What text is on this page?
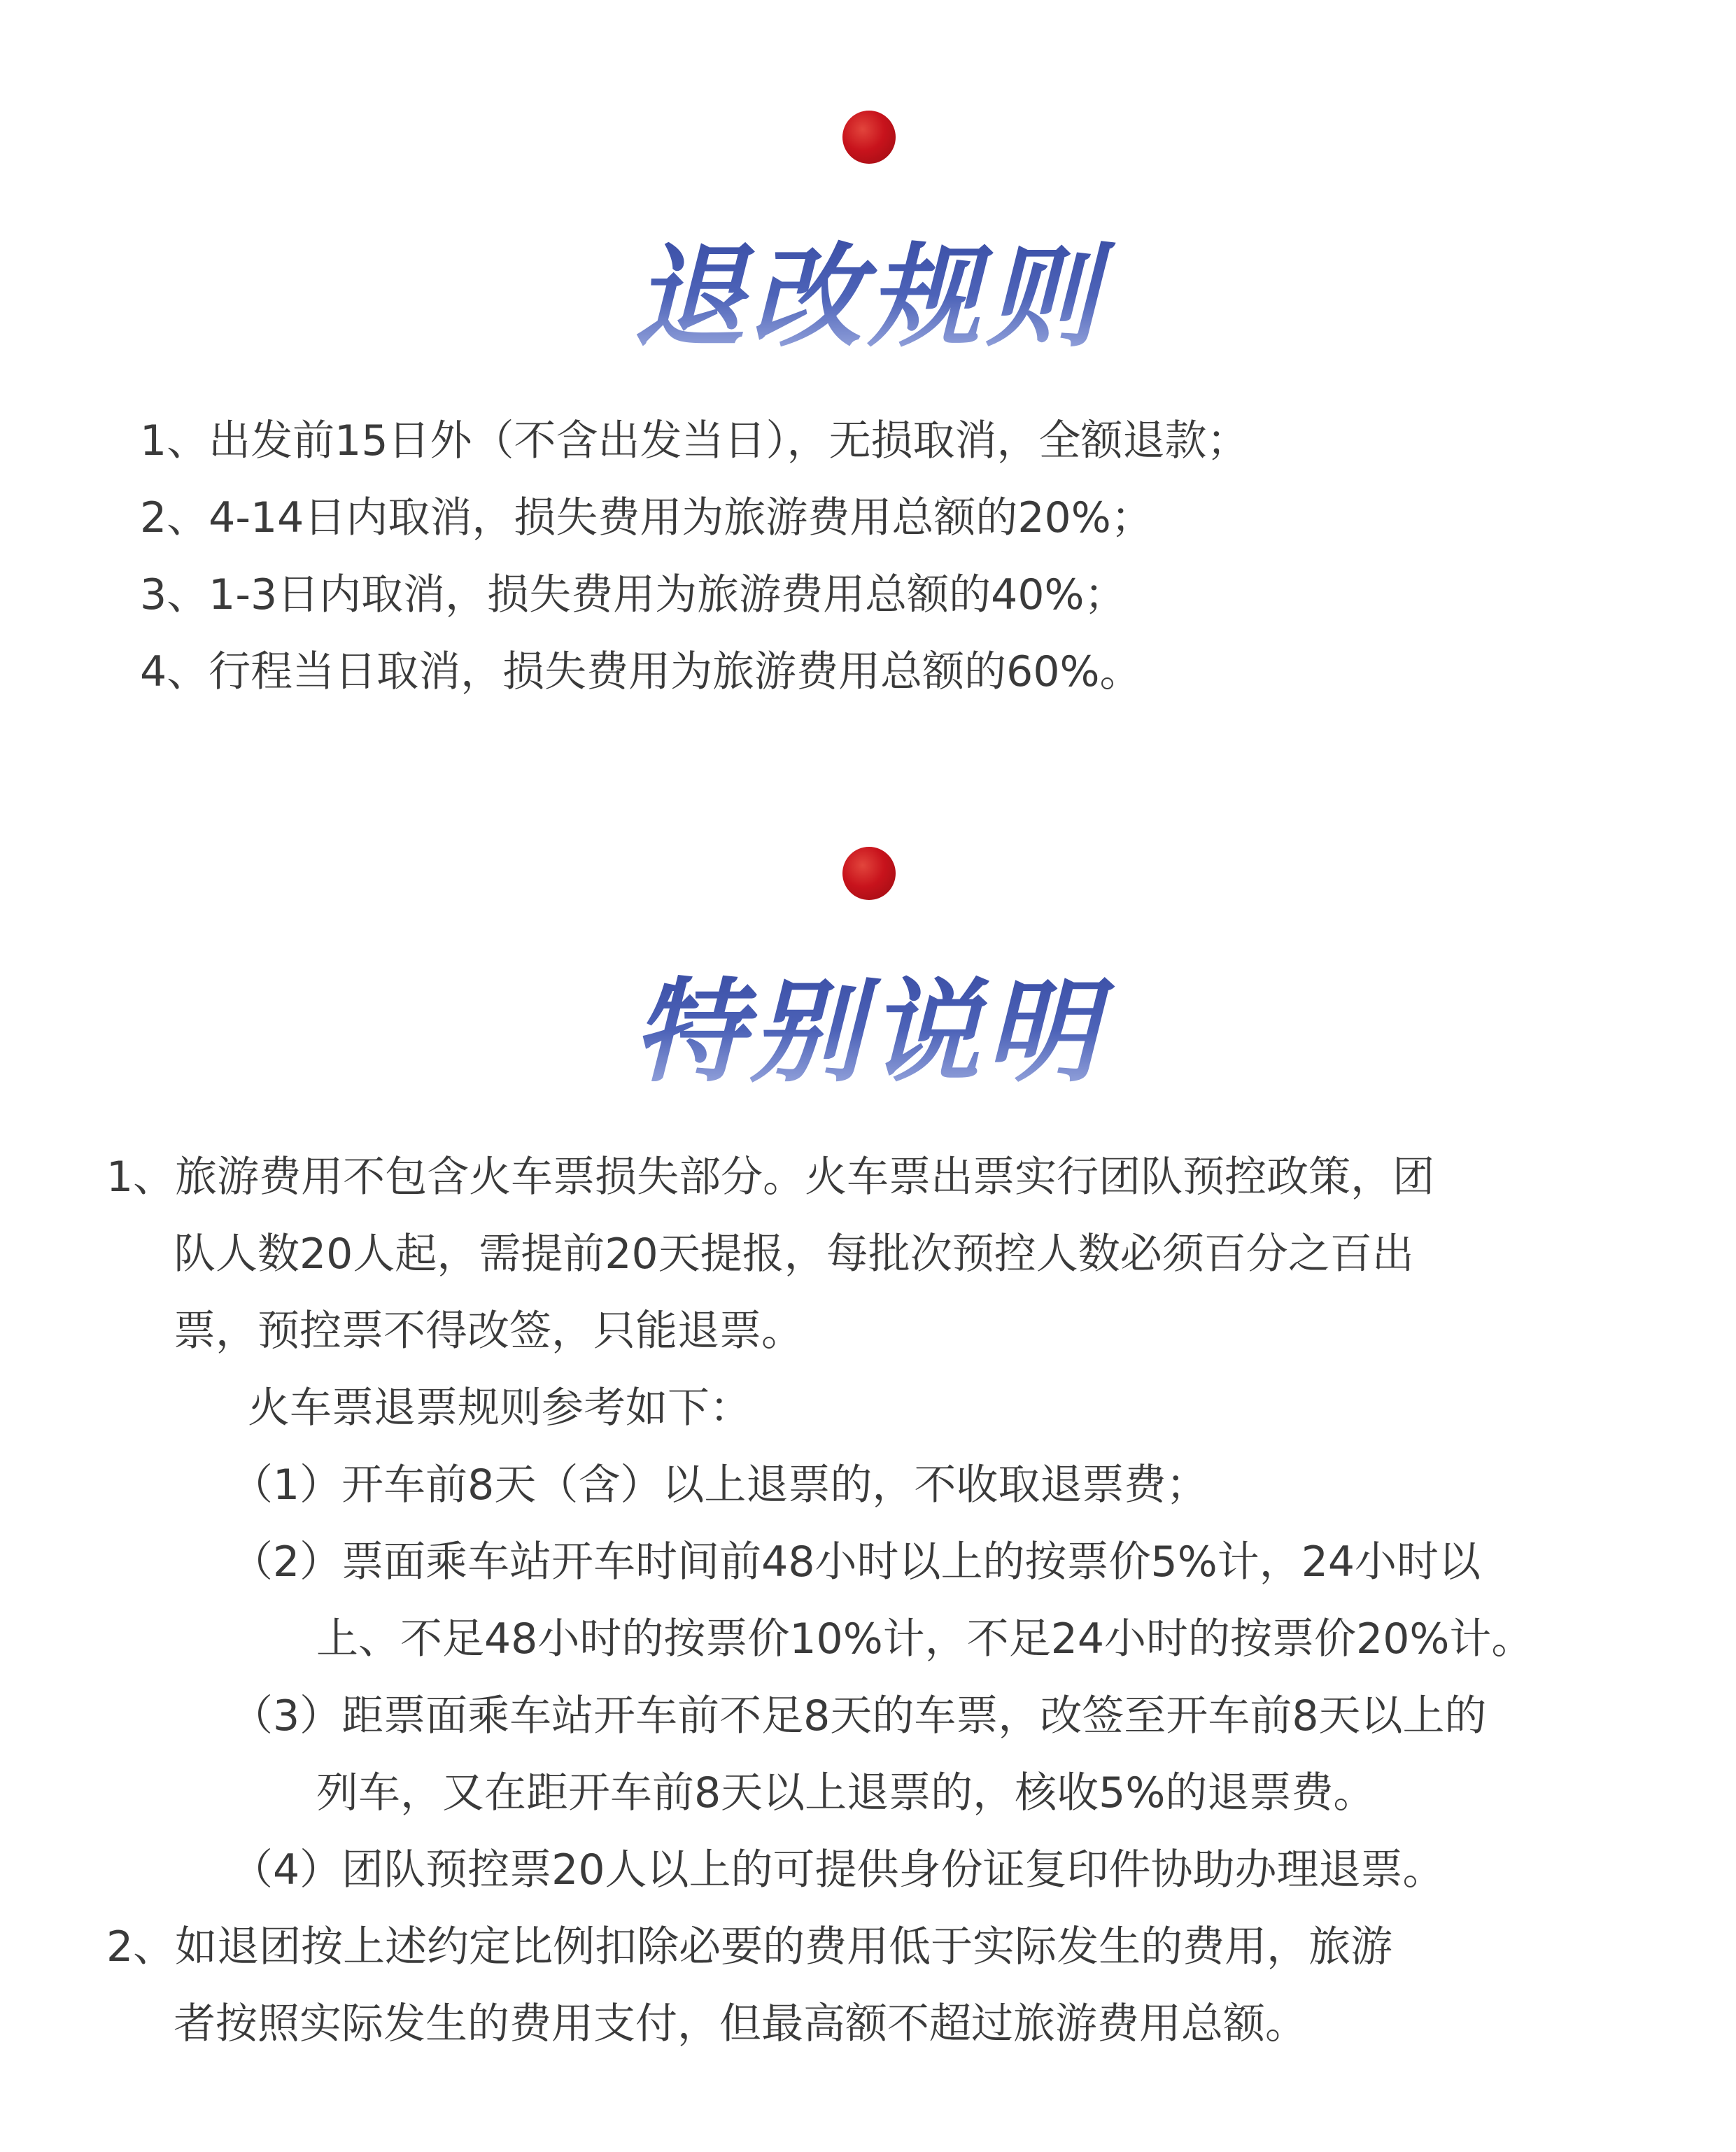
退改规则
1、出发前15日外（不含出发当日），无损取消，全额退款；
2、4-14日内取消，损失费用为旅游费用总额的20%；
3、1-3日内取消，损失费用为旅游费用总额的40%；
4、行程当日取消，损失费用为旅游费用总额的60%。
特别说明
1、旅游费用不包含火车票损失部分。火车票出票实行团队预控政策，团
队人数20人起，需提前20天提报，每批次预控人数必须百分之百出
票，预控票不得改签，只能退票。
火车票退票规则参考如下：
（1）开车前8天（含）以上退票的，不收取退票费；
（2）票面乘车站开车时间前48小时以上的按票价5%计，24小时以
上、不足48小时的按票价10%计，不足24小时的按票价20%计。
（3）距票面乘车站开车前不足8天的车票，改签至开车前8天以上的
列车，又在距开车前8天以上退票的，核收5%的退票费。
（4）团队预控票20人以上的可提供身份证复印件协助办理退票。
2、如退团按上述约定比例扣除必要的费用低于实际发生的费用，旅游
者按照实际发生的费用支付，但最高额不超过旅游费用总额。
